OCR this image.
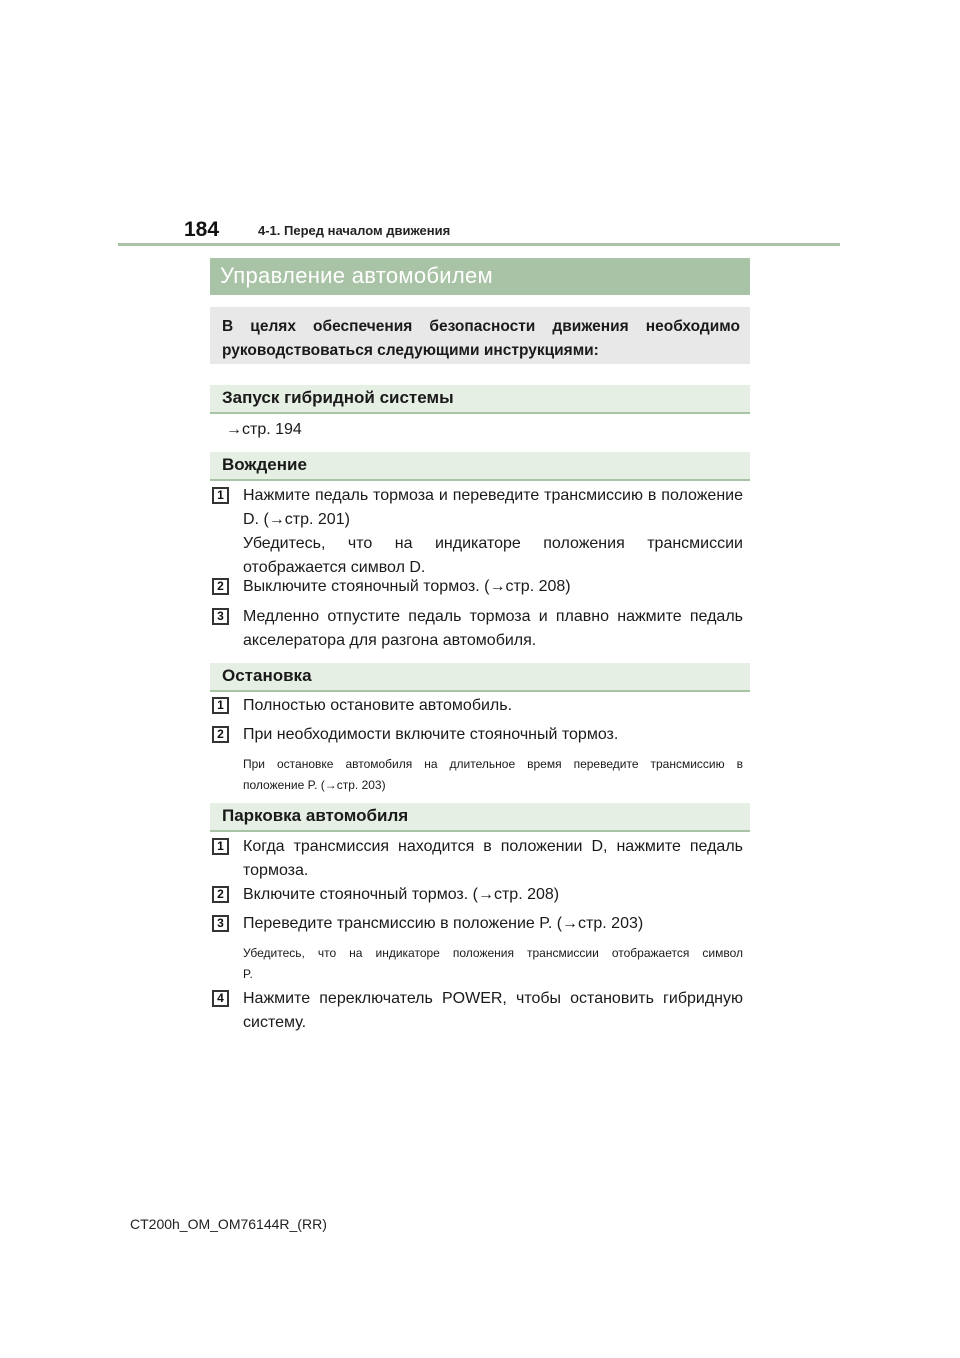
184	4-1. Перед началом движения
Управление автомобилем

В целях обеспечения безопасности движения необходимо

руководствоваться следующими инструкциями:

Запуск гибридной системы

→стр. 194

Вождение
1	Нажмите педаль тормоза и переведите трансмиссию в положение
D. (→стр. 201)
Убедитесь, что на индикаторе положения трансмиссии
отображается символ D.

2	Выключите стояночный тормоз. (→стр. 208)

3	Медленно отпустите педаль тормоза и плавно нажмите педаль
акселератора для разгона автомобиля.

Остановка
1	Полностью остановите автомобиль.

2	При необходимости включите стояночный тормоз.

При остановке автомобиля на длительное время переведите трансмиссию в
положение P. (→стр. 203)

Парковка автомобиля
1	Когда трансмиссия находится в положении D, нажмите педаль
тормоза.

2	Включите стояночный тормоз. (→стр. 208)

3	Переведите трансмиссию в положение P. (→стр. 203)

Убедитесь, что на индикаторе положения трансмиссии отображается символ
P.

4	Нажмите переключатель POWER, чтобы остановить гибридную
систему.

CT200h_OM_OM76144R_(RR)
